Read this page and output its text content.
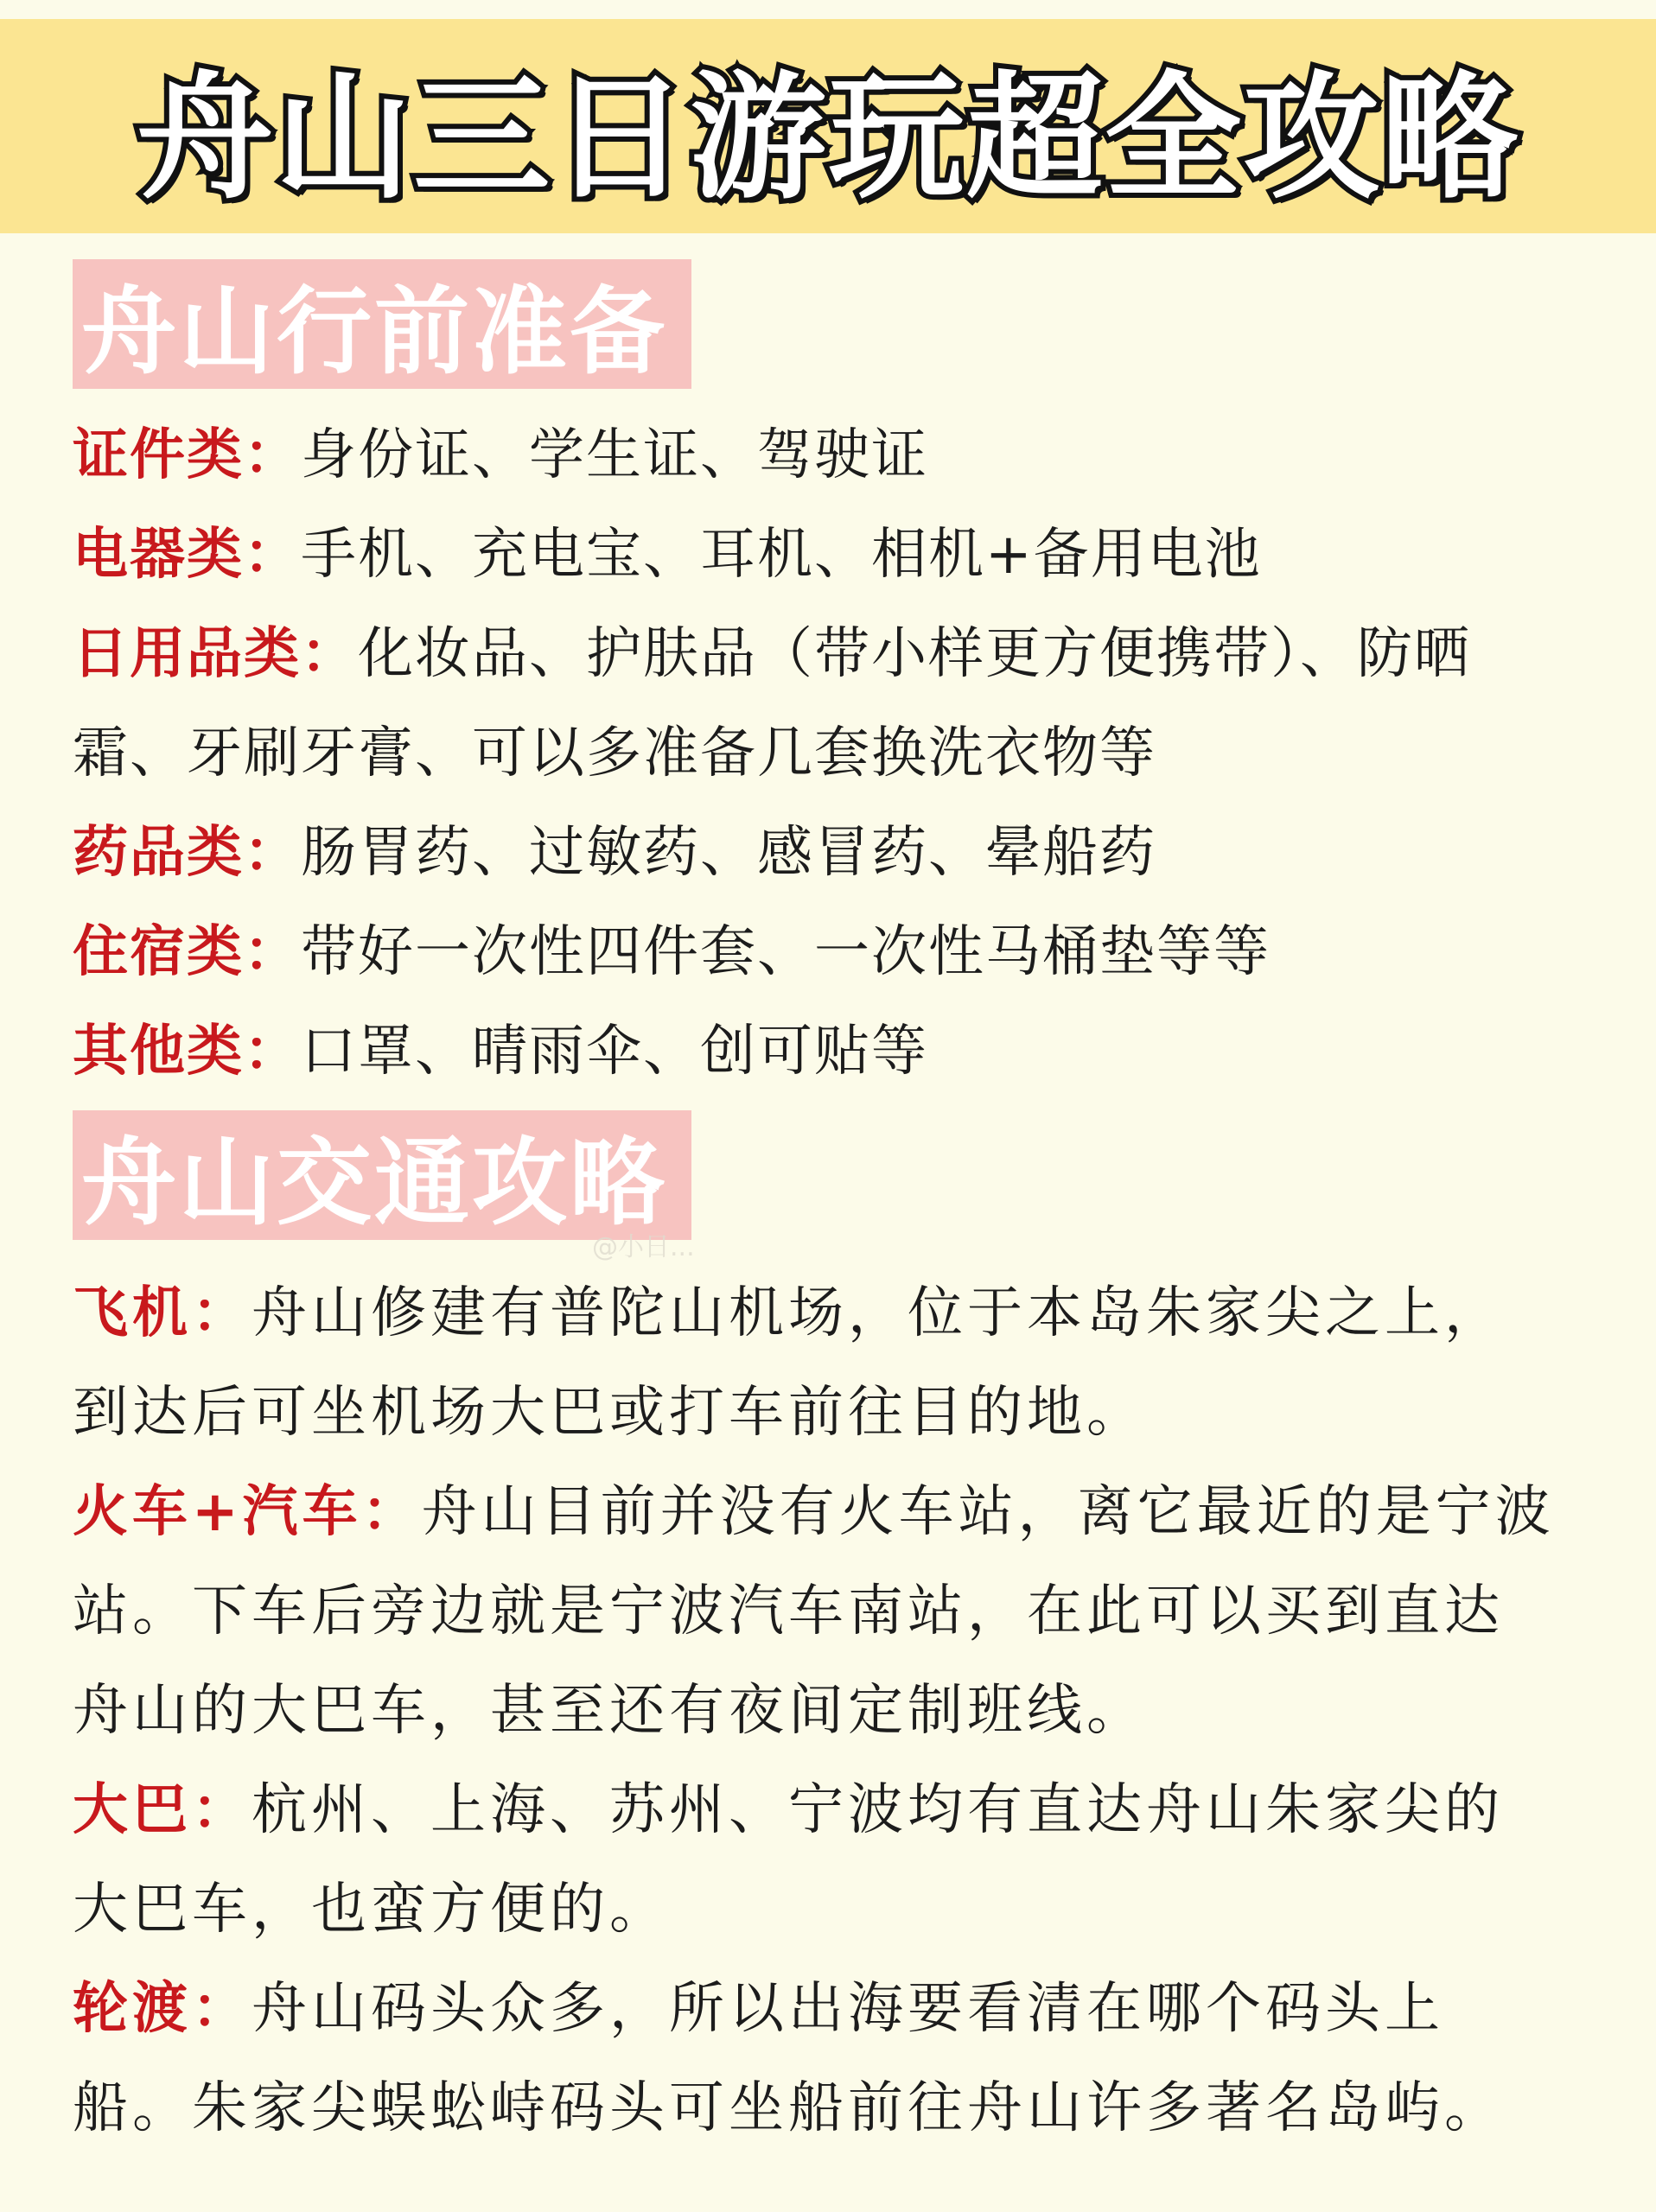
舟山三日游玩超全攻略
舟山行前准备
证件类：身份证、学生证、驾驶证
电器类：手机、充电宝、耳机、相机+备用电池
日用品类：化妆品、护肤品（带小样更方便携带）、防晒
霜、牙刷牙膏、可以多准备几套换洗衣物等
药品类：肠胃药、过敏药、感冒药、晕船药
住宿类：带好一次性四件套、一次性马桶垫等等
其他类：口罩、晴雨伞、创可贴等
舟山交通攻略
@小日...
飞机：舟山修建有普陀山机场，位于本岛朱家尖之上，
到达后可坐机场大巴或打车前往目的地。
火车+汽车：舟山目前并没有火车站，离它最近的是宁波
站。下车后旁边就是宁波汽车南站，在此可以买到直达
舟山的大巴车，甚至还有夜间定制班线。
大巴：杭州、上海、苏州、宁波均有直达舟山朱家尖的
大巴车，也蛮方便的。
轮渡：舟山码头众多，所以出海要看清在哪个码头上
船。朱家尖蜈蚣峙码头可坐船前往舟山许多著名岛屿。
